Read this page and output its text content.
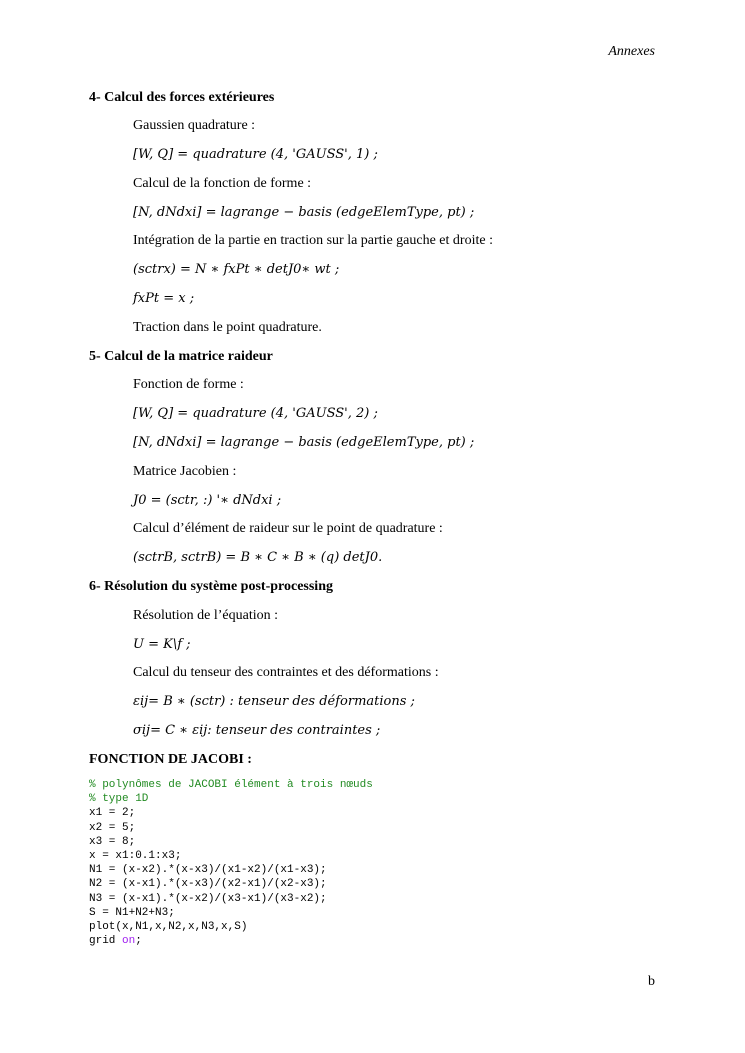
Annexes
4- Calcul des forces extérieures
Gaussien quadrature :
[W, Q] = quadrature (4, 'GAUSS', 1) ;
Calcul de la fonction de forme :
[N, dNdxi] = lagrange − basis (edgeElemType, pt) ;
Intégration de la partie en traction sur la partie gauche et droite :
(sctrx) = N ∗ fxPt ∗ detJ0∗ wt ;
fxPt = x ;
Traction dans le point quadrature.
5- Calcul de la matrice raideur
Fonction de forme :
[W, Q] = quadrature (4, 'GAUSS', 2) ;
[N, dNdxi] = lagrange − basis (edgeElemType, pt) ;
Matrice Jacobien :
J0 = (sctr, :) '∗ dNdxi ;
Calcul d’élément de raideur sur le point de quadrature :
(sctrB, sctrB) = B ∗ C ∗ B ∗ (q) detJ0.
6- Résolution du système post-processing
Résolution de l’équation :
U = K\f ;
Calcul du tenseur des contraintes et des déformations :
εij= B ∗ (sctr) : tenseur des déformations ;
σij= C ∗ εij: tenseur des contraintes ;
FONCTION DE JACOBI :
% polynômes de JACOBI élément à trois nœuds
% type 1D
x1 = 2;
x2 = 5;
x3 = 8;
x = x1:0.1:x3;
N1 = (x-x2).*(x-x3)/(x1-x2)/(x1-x3);
N2 = (x-x1).*(x-x3)/(x2-x1)/(x2-x3);
N3 = (x-x1).*(x-x2)/(x3-x1)/(x3-x2);
S = N1+N2+N3;
plot(x,N1,x,N2,x,N3,x,S)
grid on;
b
